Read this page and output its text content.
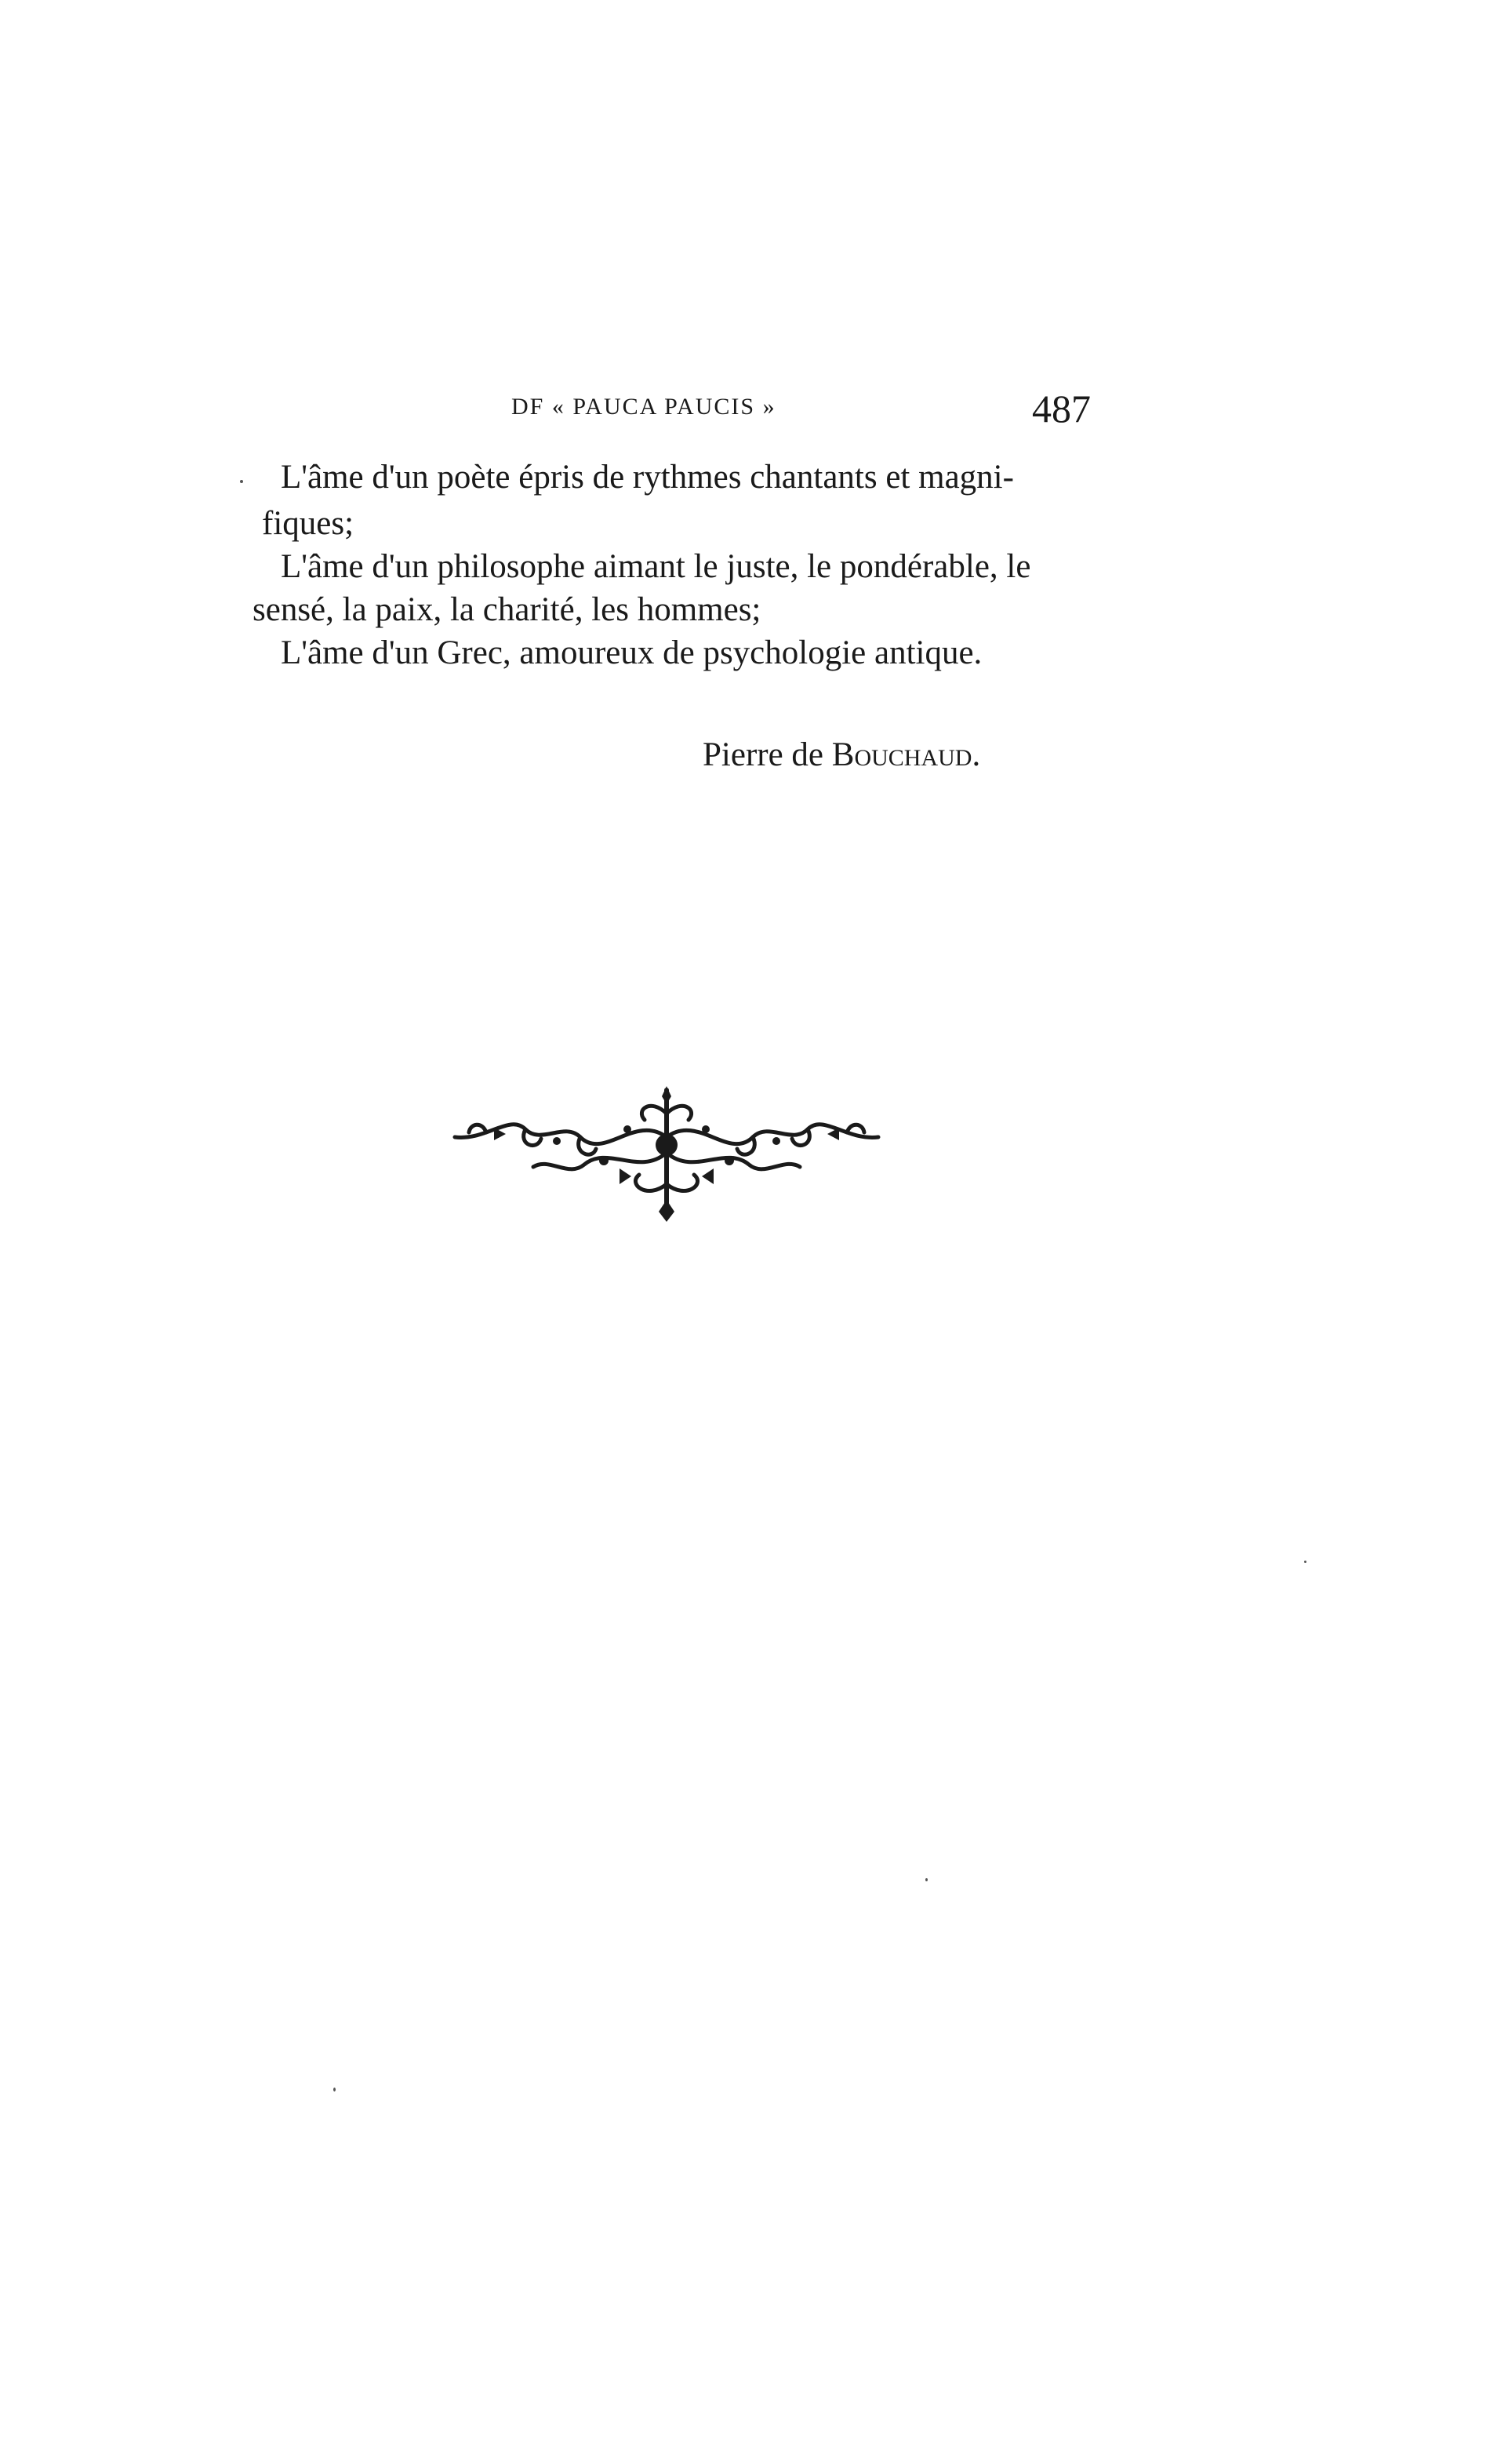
DF « PAUCA PAUCIS »	487
L'âme d'un poète épris de rythmes chantants et magni-
fiques;
L'âme d'un philosophe aimant le juste, le pondérable, le
sensé, la paix, la charité, les hommes;
L'âme d'un Grec, amoureux de psychologie antique.
Pierre de Bouchaud.
